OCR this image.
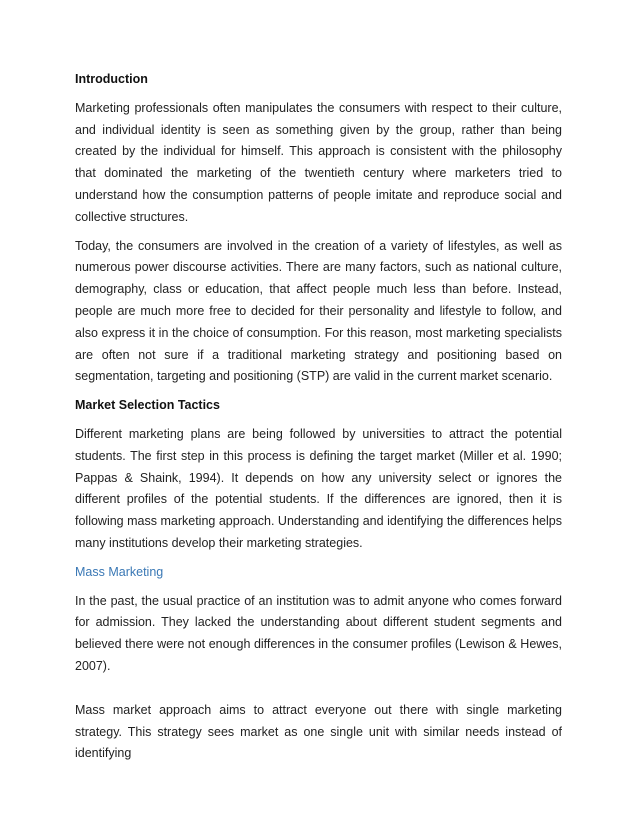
Introduction

Marketing professionals often manipulates the consumers with respect to their culture, and individual identity is seen as something given by the group, rather than being created by the individual for himself. This approach is consistent with the philosophy that dominated the marketing of the twentieth century where marketers tried to understand how the consumption patterns of people imitate and reproduce social and collective structures.

Today, the consumers are involved in the creation of a variety of lifestyles, as well as numerous power discourse activities. There are many factors, such as national culture, demography, class or education, that affect people much less than before. Instead, people are much more free to decided for their personality and lifestyle to follow, and also express it in the choice of consumption. For this reason, most marketing specialists are often not sure if a traditional marketing strategy and positioning based on segmentation, targeting and positioning (STP) are valid in the current market scenario.

Market Selection Tactics

Different marketing plans are being followed by universities to attract the potential students. The first step in this process is defining the target market (Miller et al. 1990; Pappas & Shaink, 1994). It depends on how any university select or ignores the different profiles of the potential students. If the differences are ignored, then it is following mass marketing approach. Understanding and identifying the differences helps many institutions develop their marketing strategies.

Mass Marketing

In the past, the usual practice of an institution was to admit anyone who comes forward for admission. They lacked the understanding about different student segments and believed there were not enough differences in the consumer profiles (Lewison & Hewes, 2007).

Mass market approach aims to attract everyone out there with single marketing strategy. This strategy sees market as one single unit with similar needs instead of identifying
